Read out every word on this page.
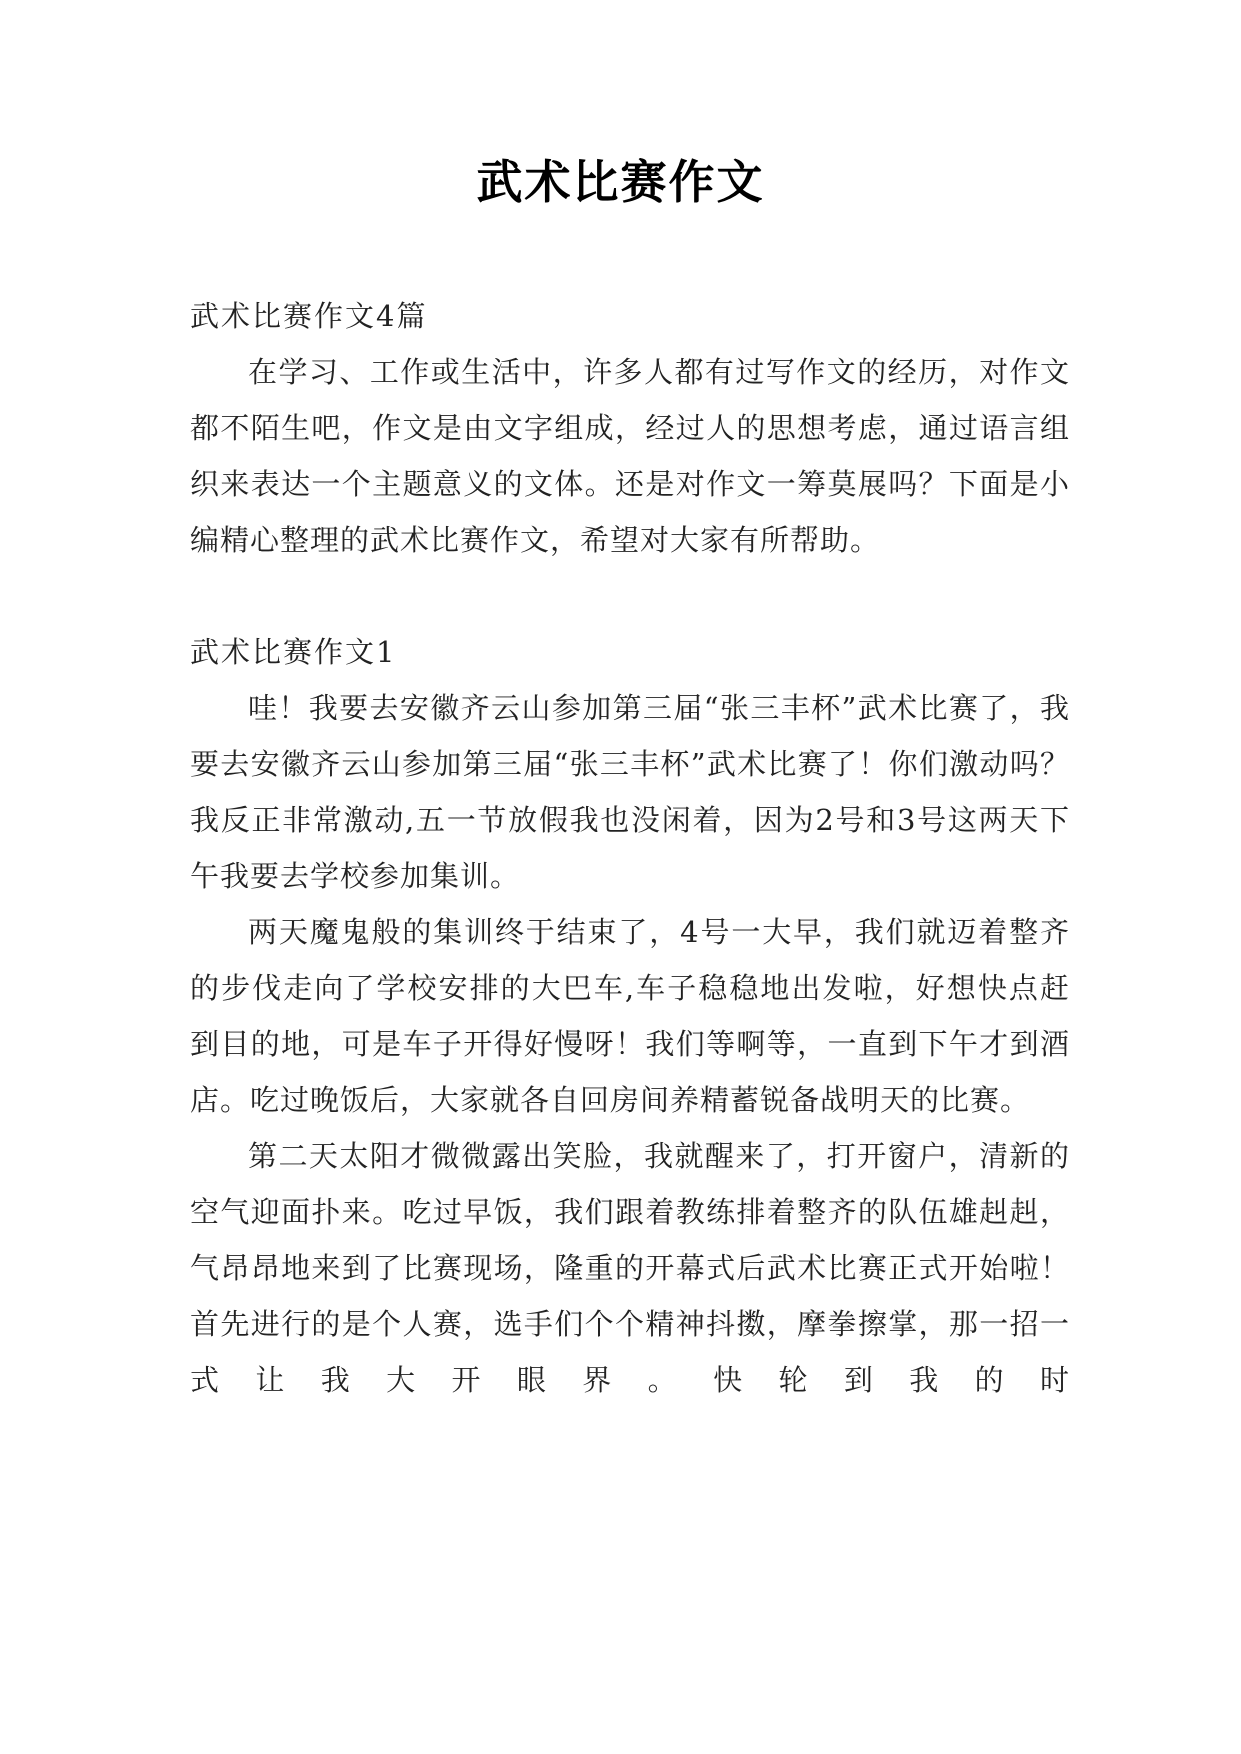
武术比赛作文

武术比赛作文4篇

在学习、工作或生活中，许多人都有过写作文的经历，对作文都不陌生吧，作文是由文字组成，经过人的思想考虑，通过语言组织来表达一个主题意义的文体。还是对作文一筹莫展吗？下面是小编精心整理的武术比赛作文，希望对大家有所帮助。

武术比赛作文1

哇！我要去安徽齐云山参加第三届“张三丰杯”武术比赛了，我要去安徽齐云山参加第三届“张三丰杯”武术比赛了！你们激动吗？我反正非常激动,五一节放假我也没闲着，因为2号和3号这两天下午我要去学校参加集训。

两天魔鬼般的集训终于结束了，4号一大早，我们就迈着整齐的步伐走向了学校安排的大巴车,车子稳稳地出发啦，好想快点赶到目的地，可是车子开得好慢呀！我们等啊等，一直到下午才到酒店。吃过晚饭后，大家就各自回房间养精蓄锐备战明天的比赛。

第二天太阳才微微露出笑脸，我就醒来了，打开窗户，清新的空气迎面扑来。吃过早饭，我们跟着教练排着整齐的队伍雄赳赳，气昂昂地来到了比赛现场，隆重的开幕式后武术比赛正式开始啦！首先进行的是个人赛，选手们个个精神抖擞，摩拳擦掌，那一招一式让我大开眼界。快轮到我的时
